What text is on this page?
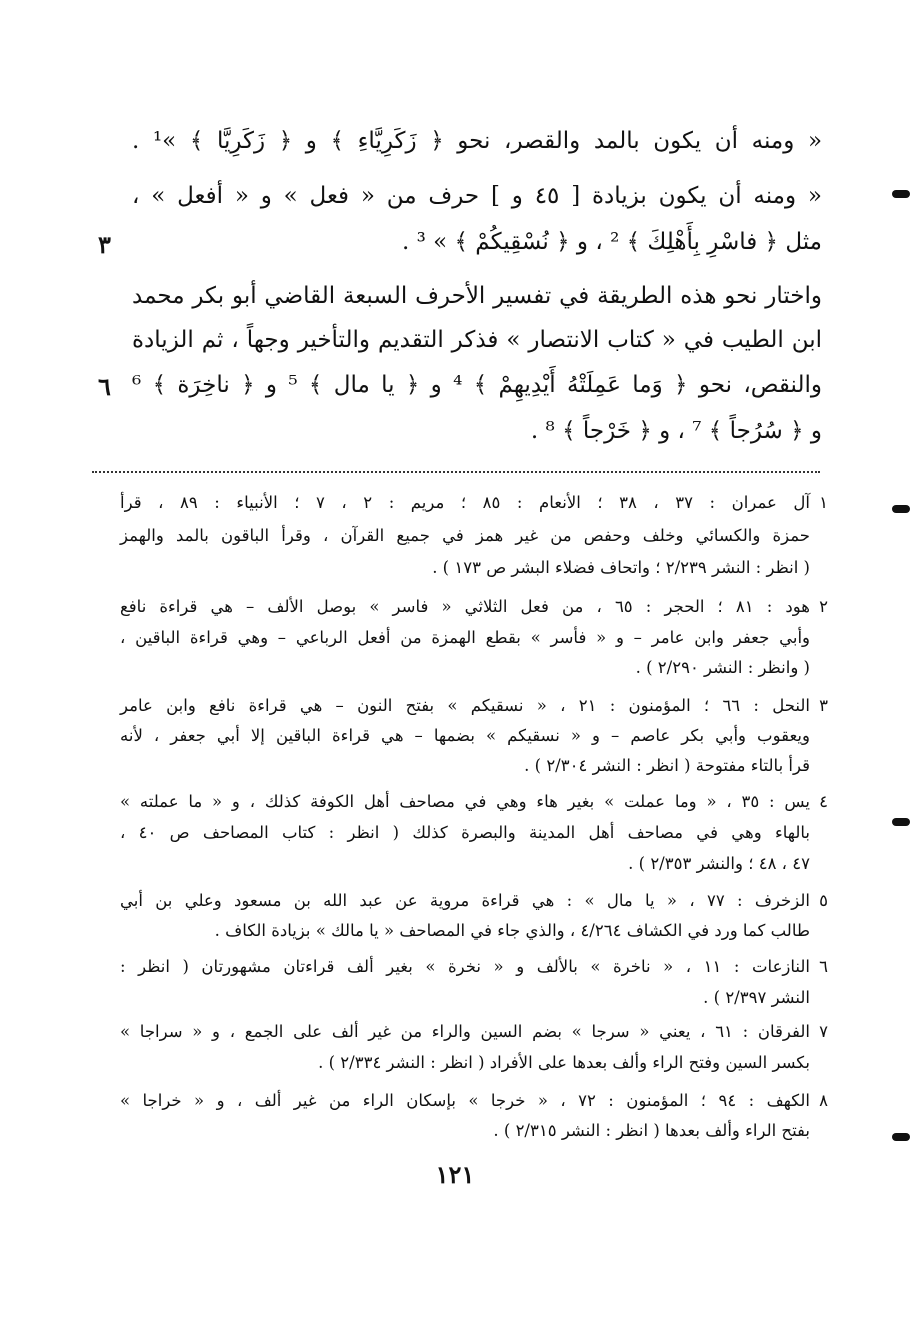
« ومنه أن يكون بالمد والقصر، نحو ﴿ زَكَرِيَّاءِ ﴾ و ﴿ زَكَرِيَّا ﴾ »¹ .
« ومنه أن يكون بزيادة [ ٤٥ و ] حرف من « فعل » و « أفعل » ،
مثل ﴿ فاسْرِ بِأَهْلِكَ ﴾ ² ، و ﴿ نُسْقِيكُمْ ﴾ » ³ .
واختار نحو هذه الطريقة في تفسير الأحرف السبعة القاضي أبو بكر محمد
ابن الطيب في « كتاب الانتصار » فذكر التقديم والتأخير وجهاً ، ثم الزيادة
والنقص، نحو ﴿ وَما عَمِلَتْهُ أَيْدِيهِمْ ﴾ ⁴ و ﴿ يا مال ﴾ ⁵ و ﴿ ناخِرَة ﴾ ⁶
و ﴿ سُرُجاً ﴾ ⁷ ، و ﴿ خَرْجاً ﴾ ⁸ .
٣
٦
١
آل عمران : ٣٧ ، ٣٨ ؛ الأنعام : ٨٥ ؛ مريم : ٢ ، ٧ ؛ الأنبياء : ٨٩ ، قرأ
حمزة والكسائي وخلف وحفص من غير همز في جميع القرآن ، وقرأ الباقون بالمد والهمز
( انظر : النشر ٢/٢٣٩ ؛ واتحاف فضلاء البشر ص ١٧٣ ) .
٢
هود : ٨١ ؛ الحجر : ٦٥ ، من فعل الثلاثي « فاسر » بوصل الألف – هي قراءة نافع
وأبي جعفر وابن عامر – و « فأسر » بقطع الهمزة من أفعل الرباعي – وهي قراءة الباقين ،
( وانظر : النشر ٢/٢٩٠ ) .
٣
النحل : ٦٦ ؛ المؤمنون : ٢١ ، « نسقيكم » بفتح النون – هي قراءة نافع وابن عامر
ويعقوب وأبي بكر عاصم – و « نسقيكم » بضمها – هي قراءة الباقين إلا أبي جعفر ، لأنه
قرأ بالتاء مفتوحة ( انظر : النشر ٢/٣٠٤ ) .
٤
يس : ٣٥ ، « وما عملت » بغير هاء وهي في مصاحف أهل الكوفة كذلك ، و « ما عملته »
بالهاء وهي في مصاحف أهل المدينة والبصرة كذلك ( انظر : كتاب المصاحف ص ٤٠ ،
٤٧ ، ٤٨ ؛ والنشر ٢/٣٥٣ ) .
٥
الزخرف : ٧٧ ، « يا مال » : هي قراءة مروية عن عبد الله بن مسعود وعلي بن أبي
طالب كما ورد في الكشاف ٤/٢٦٤ ، والذي جاء في المصاحف « يا مالك » بزيادة الكاف .
٦
النازعات : ١١ ، « ناخرة » بالألف و « نخرة » بغير ألف قراءتان مشهورتان ( انظر :
النشر ٢/٣٩٧ ) .
٧
الفرقان : ٦١ ، يعني « سرجا » بضم السين والراء من غير ألف على الجمع ، و « سراجا »
بكسر السين وفتح الراء وألف بعدها على الأفراد ( انظر : النشر ٢/٣٣٤ ) .
٨
الكهف : ٩٤ ؛ المؤمنون : ٧٢ ، « خرجا » بإسكان الراء من غير ألف ، و « خراجا »
بفتح الراء وألف بعدها ( انظر : النشر ٢/٣١٥ ) .
١٢١
